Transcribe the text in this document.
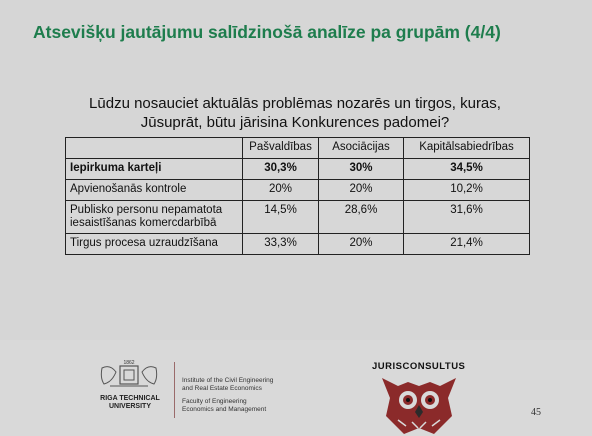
Atsevišķu jautājumu salīdzinošā analīze pa grupām (4/4)
Lūdzu nosauciet aktuālās problēmas nozarēs un tirgos, kuras,
Jūsuprāt, būtu jārisina Konkurences padomei?
	Pašvaldības	Asociācijas	Kapitālsabiedrības
Iepirkuma karteļi	30,3%	30%	34,5%
Apvienošanās kontrole	20%	20%	10,2%
Publisko personu nepamatota
iesaistīšanas komercdarbībā	14,5%	28,6%	31,6%
Tirgus procesa uzraudzīšana	33,3%	20%	21,4%
1862
RIGA TECHNICAL
UNIVERSITY
Institute of the Civil Engineering
and Real Estate Economics
Faculty of Engineering
Economics and Management
JURISCONSULTUS
45
